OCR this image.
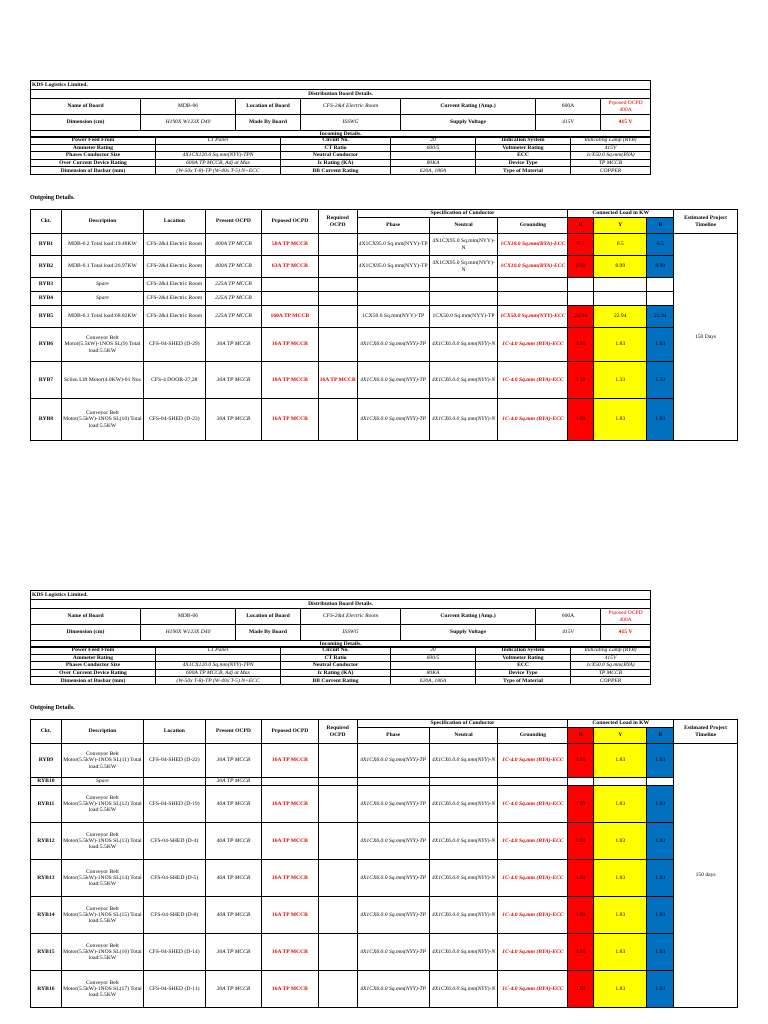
KDS Logistics Limited.						
Distribution Board Details.						
Name of Board	MDB-06	Location of Board	CFS-2&4 Electric Room	Current Rating (Amp.)	600A	Prposed OCPD 400A
Dimension (cm)	H190X W123X D40	Made By Board	ISSWG	Supply Voltage	415V	415 V
Incoming Details.						
Power Feed From	LT Panel	Circuit No.	20	Indication System	Indicating Lamp (RYB)
Ammeter Rating		CT Ratio	600/5	Voltmeter Rating	415V
Phases Conductor Size	4X1CX120.0 Sq.mm(NYY)-TPN	Neutral Conductor		ECC	1cX50.0 Sq.mm(BYA)
Over Current Device Rating	600A TP MCCB, Adj at Max	Ic Rating (KA)	80KA	Device Type	TP MCCB
Dimension of Busbar (mm)	(W-50x T-8)-TP (W-40x T-5) N+ECC	BB Current Rating	620A, 186A	Type of Material	COPPER
Outgoing Details.
Ckt.	Description	Location	Present OCPD	Prposed OCPD	Required OCPD	Specification of Conductor			Connected Load in KW			Estimated Project Timeline
						Phase	Neutral	Grounding	R	Y	B	
RYB1	MDB-6.2 Total load:19.48KW	CFS-2&4 Electric Room	400A TP MCCB	50A TP MCCB		4X1CX95.0 Sq.mm(NYY)-TP	4X1CX95.0 Sq.mm(NYY)-N	1CX10.0 Sq.mm(BYA)-ECC	6.5	6.5	6.5	150 Days
RYB2	MDB-6.1 Total load:26.97KW	CFS-2&4 Electric Room	400A TP MCCB	63A TP MCCB		4X1CX95.0 Sq.mm(NYY)-TP	4X1CX95.0 Sq.mm(NYY)-N	1CX10.0 Sq.mm(BYA)-ECC	8.99	8.99	8.99	
RYB3	Spare	CFS-2&4 Electric Room	225A TP MCCB									
RYB4	Spare	CFS-2&4 Electric Room	225A TP MCCB									
RYB5	MDB-6.3 Total load:68.82KW	CFS-2&4 Electric Room	225A TP MCCB	160A TP MCCB		1CX50.0 Sq.mm(NYY)-TP	1CX50.0 Sq.mm(NYY)-TP	1CX50.0 Sq.mm(NYY)-ECC	22.94	22.94	22.94	
RYB6	Conveyor Belt Motor(5.5kW)-1NOS SL(9) Total load:5.5KW	CFS-04-SHED (D-29)	30A TP MCCB	16A TP MCCB		4X1CX6.0.0 Sq.mm(NYY)-TP	4X1CX6.0.0 Sq.mm(NYY)-N	1C-4.0 Sq.mm (BYA)-ECC	1.83	1.83	1.83	
RYB7	Scilsn Lift Motor(4.0KW)-01 Nos	CFS-4 DOOR-27,28	30A TP MCCB	10A TP MCCB	16A TP MCCB	4X1CX6.0.0 Sq.mm(NYY)-TP	4X1CX6.0.0 Sq.mm(NYY)-N	1C-4.0 Sq.mm (BYA)-ECC	1.33	1.33	1.33	
RYB8	Conveyor Belt Motor(5.5kW)-1NOS SL(10) Total load:5.5KW	CFS-04-SHED (D-23)	30A TP MCCB	16A TP MCCB		4X1CX6.0.0 Sq.mm(NYY)-TP	4X1CX6.0.0 Sq.mm(NYY)-N	1C-4.0 Sq.mm (BYA)-ECC	1.83	1.83	1.83	
KDS Logistics Limited.						
Distribution Board Details.						
Name of Board	MDB-06	Location of Board	CFS-2&4 Electric Room	Current Rating (Amp.)	600A	Prposed OCPD 400A
Dimension (cm)	H190X W123X D40	Made By Board	ISSWG	Supply Voltage	415V	415 V
Incoming Details.						
Power Feed From	LT Panel	Circuit No.	20	Indication System	Indicating Lamp (RYB)
Ammeter Rating		CT Ratio	600/5	Voltmeter Rating	415V
Phases Conductor Size	4X1CX120.0 Sq.mm(NYY)-TPN	Neutral Conductor		ECC	1cX50.0 Sq.mm(BYA)
Over Current Device Rating	600A TP MCCB, Adj at Max	Ic Rating (KA)	80KA	Device Type	TP MCCB
Dimension of Busbar (mm)	(W-50x T-8)-TP (W-40x T-5) N+ECC	BB Current Rating	620A, 186A	Type of Material	COPPER
Outgoing Details.
Ckt.	Description	Location	Present OCPD	Prposed OCPD	Required OCPD	Specification of Conductor			Connected Load in KW			Estimated Project Timeline
						Phase	Neutral	Grounding	R	Y	B	
RYB9	Conveyor Belt Motor(5.5kW)-1NOS SL(11) Total load:5.5KW	CFS-04-SHED (D-22)	30A TP MCCB	16A TP MCCB		4X1CX6.0.0 Sq.mm(NYY)-TP	4X1CX6.0.0 Sq.mm(NYY)-N	1C-4.0 Sq.mm (BYA)-ECC	1.83	1.83	1.83	150 days
RYB10	Spare		30A TP MCCB									
RYB11	Conveyor Belt Motor(5.5kW)-1NOS SL(12) Total load:5.5KW	CFS-04-SHED (D-19)	40A TP MCCB	16A TP MCCB		4X1CX6.0.0 Sq.mm(NYY)-TP	4X1CX6.0.0 Sq.mm(NYY)-N	1C-4.0 Sq.mm (BYA)-ECC	1.83	1.83	1.83	
RYB12	Conveyor Belt Motor(5.5kW)-1NOS SL(13) Total load:5.5KW	CFS-04-SHED (D-4)	40A TP MCCB	16A TP MCCB		4X1CX6.0.0 Sq.mm(NYY)-TP	4X1CX6.0.0 Sq.mm(NYY)-N	1C-4.0 Sq.mm (BYA)-ECC	1.83	1.83	1.83	
RYB13	Conveyor Belt Motor(5.5kW)-1NOS SL(14) Total load:5.5KW	CFS-04-SHED (D-5)	40A TP MCCB	16A TP MCCB		4X1CX6.0.0 Sq.mm(NYY)-TP	4X1CX6.0.0 Sq.mm(NYY)-N	1C-4.0 Sq.mm (BYA)-ECC	1.83	1.83	1.83	
RYB14	Conveyor Belt Motor(5.5kW)-1NOS SL(15) Total load:5.5KW	CFS-04-SHED (D-8)	40A TP MCCB	16A TP MCCB		4X1CX6.0.0 Sq.mm(NYY)-TP	4X1CX6.0.0 Sq.mm(NYY)-N	1C-4.0 Sq.mm (BYA)-ECC	1.83	1.83	1.83	
RYB15	Conveyor Belt Motor(5.5kW)-1NOS SL(16) Total load:5.5KW	CFS-04-SHED (D-14)	30A TP MCCB	16A TP MCCB		4X1CX6.0.0 Sq.mm(NYY)-TP	4X1CX6.0.0 Sq.mm(NYY)-N	1C-4.0 Sq.mm (BYA)-ECC	1.83	1.83	1.83	
RYB16	Conveyor Belt Motor(5.5kW)-1NOS SL(17) Total load:5.5KW	CFS-04-SHED (D-11)	30A TP MCCB	16A TP MCCB		4X1CX6.0.0 Sq.mm(NYY)-TP	4X1CX6.0.0 Sq.mm(NYY)-N	1C-4.0 Sq.mm (BYA)-ECC	1.83	1.83	1.83	
